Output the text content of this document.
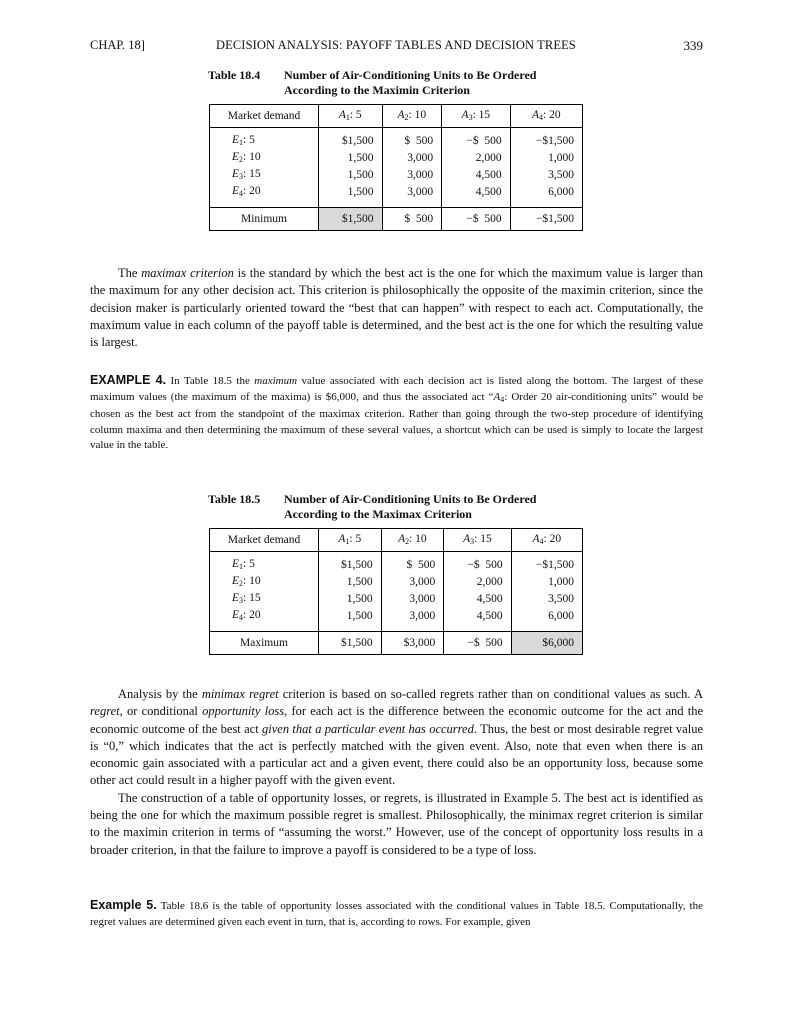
CHAP. 18]	DECISION ANALYSIS: PAYOFF TABLES AND DECISION TREES	339
Table 18.4 Number of Air-Conditioning Units to Be Ordered
According to the Maximin Criterion
Market demand	$A_1$: 5	$A_2$: 10	$A_3$: 15	$A_4$: 20

$E_1$: 5	$1,500	$  500	−$  500	−$1,500
$E_2$: 10	1,500	3,000	2,000	1,000
$E_3$: 15	1,500	3,000	4,500	3,500
$E_4$: 20	1,500	3,000	4,500	6,000

Minimum	$1,500	$  500	−$  500	−$1,500

The maximax criterion is the standard by which the best act is the one for which the maximum value is larger than the maximum for any other decision act. This criterion is philosophically the opposite of the maximin criterion, since the decision maker is particularly oriented toward the “best that can happen” with respect to each act. Computationally, the maximum value in each column of the payoff table is determined, and the best act is the one for which the resulting value is largest.

EXAMPLE 4. In Table 18.5 the maximum value associated with each decision act is listed along the bottom. The largest of these maximum values (the maximum of the maxima) is $6,000, and thus the associated act “$A_4$: Order 20 air-conditioning units” would be chosen as the best act from the standpoint of the maximax criterion. Rather than going through the two-step procedure of identifying column maxima and then determining the maximum of these several values, a shortcut which can be used is simply to locate the largest value in the table.
Table 18.5 Number of Air-Conditioning Units to Be Ordered
According to the Maximax Criterion
Market demand	$A_1$: 5	$A_2$: 10	$A_3$: 15	$A_4$: 20

$E_1$: 5	$1,500	$  500	−$  500	−$1,500
$E_2$: 10	1,500	3,000	2,000	1,000
$E_3$: 15	1,500	3,000	4,500	3,500
$E_4$: 20	1,500	3,000	4,500	6,000

Maximum	$1,500	$3,000	−$  500	$6,000

Analysis by the minimax regret criterion is based on so-called regrets rather than on conditional values as such. A regret, or conditional opportunity loss, for each act is the difference between the economic outcome for the act and the economic outcome of the best act given that a particular event has occurred. Thus, the best or most desirable regret value is “0,” which indicates that the act is perfectly matched with the given event. Also, note that even when there is an economic gain associated with a particular act and a given event, there could also be an opportunity loss, because some other act could result in a higher payoff with the given event.

The construction of a table of opportunity losses, or regrets, is illustrated in Example 5. The best act is identified as being the one for which the maximum possible regret is smallest. Philosophically, the minimax regret criterion is similar to the maximin criterion in terms of “assuming the worst.” However, use of the concept of opportunity loss results in a broader criterion, in that the failure to improve a payoff is considered to be a type of loss.

Example 5. Table 18.6 is the table of opportunity losses associated with the conditional values in Table 18.5. Computationally, the regret values are determined given each event in turn, that is, according to rows. For example, given
